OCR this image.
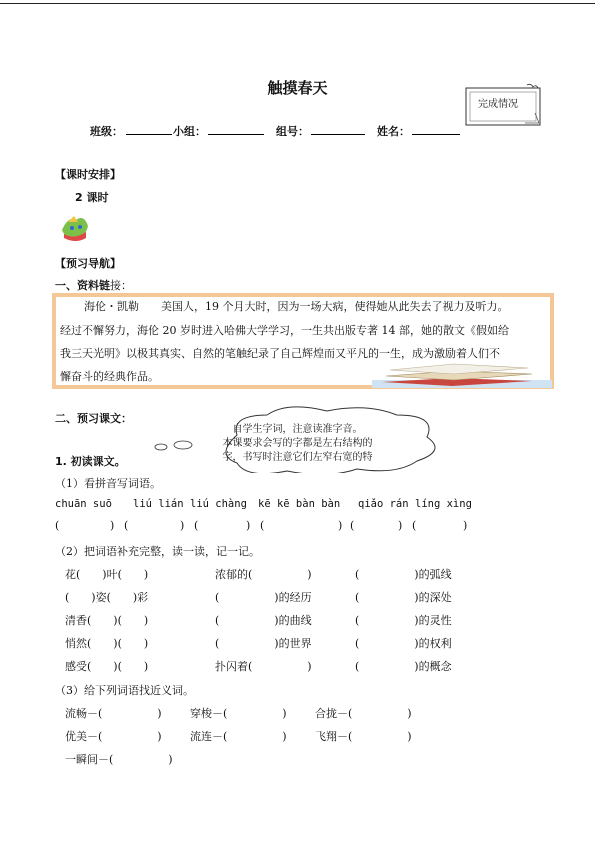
触摸春天
完成情况
班级：	小组：	组号：	姓名：
【课时安排】
2 课时
【预习导航】
一、资料链接：
海伦・凯勒　　美国人，19 个月大时，因为一场大病，使得她从此失去了视力及听力。
经过不懈努力，海伦 20 岁时进入哈佛大学学习，一生共出版专著 14 部，她的散文《假如给
我三天光明》以极其真实、自然的笔触纪录了自己辉煌而又平凡的一生，成为激励着人们不
懈奋斗的经典作品。
二、预习课文：
自学生字词，注意读准字音。
本课要求会写的字都是左右结构的
字，书写时注意它们左窄右宽的特
1. 初读课文。
（1）看拼音写词语。
chuān suō liú lián liú chàng kē kē bàn bàn qiǎo rán líng xìng
(	) (	) (	) (	) (	) (	)
（2）把词语补充完整，读一读，记一记。
花(　　)叶(　　)	浓郁的(　　　　　)	(　　　　　)的弧线
(　　)姿(　　)彩	(　　　　　)的经历	(　　　　　)的深处
清香(　　)(　　)	(　　　　　)的曲线	(　　　　　)的灵性
悄然(　　)(　　)	(　　　　　)的世界	(　　　　　)的权利
感受(　　)(　　)	扑闪着(　　　　　)	(　　　　　)的概念
（3）给下列词语找近义词。
流畅－(　　　　　)	穿梭－(　　　　　)	合拢－(　　　　　)
优美－(　　　　　)	流连－(　　　　　)	飞翔－(　　　　　)
一瞬间－(　　　　　)
